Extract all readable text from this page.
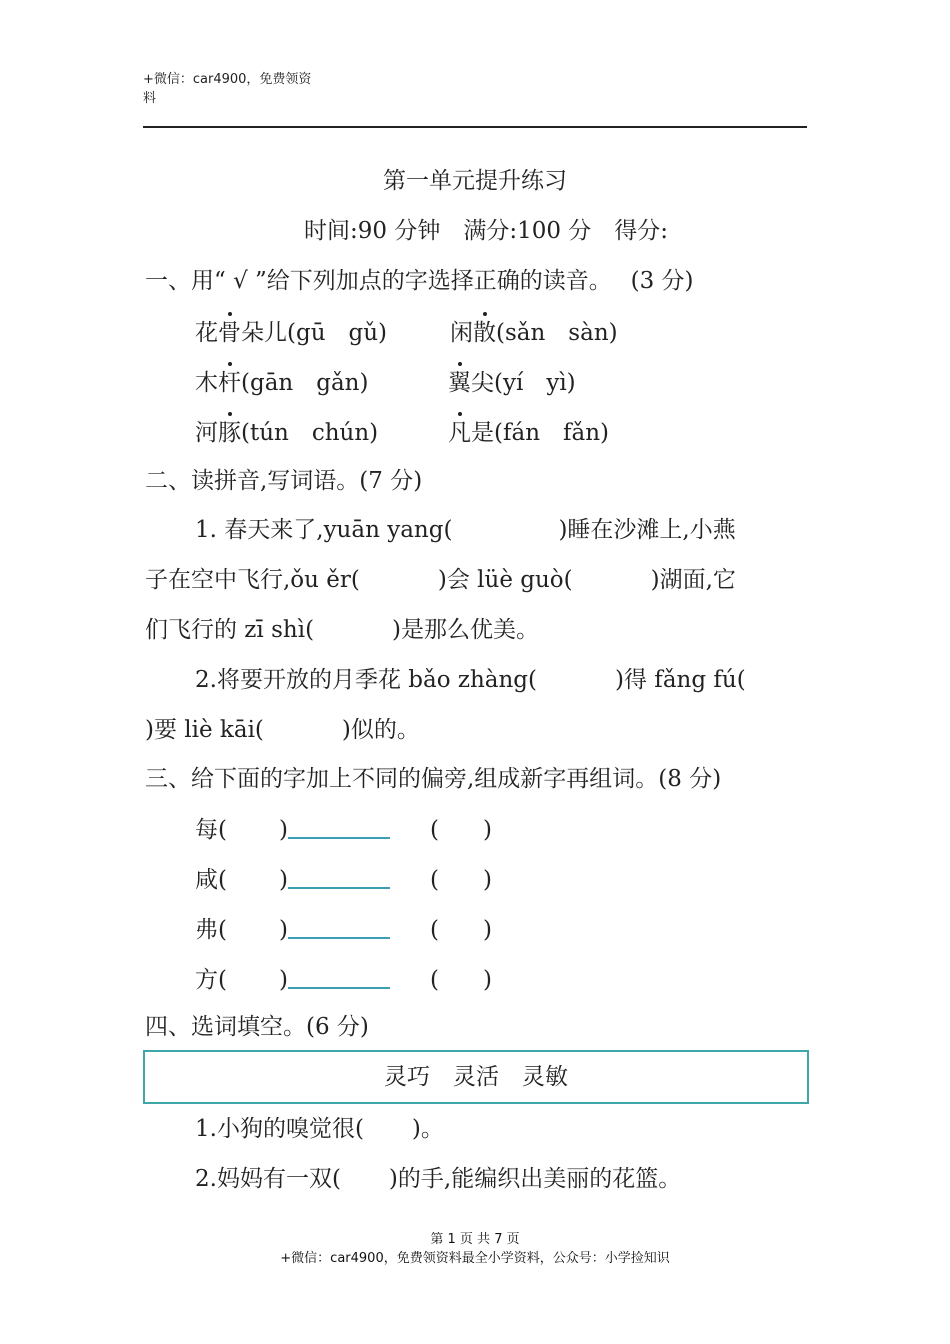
+微信：car4900，免费领资
料
第一单元提升练习
时间:90 分钟　满分:100 分　得分:
一、用“ √ ”给下列加点的字选择正确的读音。　 (3 分)
花骨朵儿(gū　gǔ)	闲散(sǎn　sàn)
木杆(gān　gǎn)	翼尖(yí　yì)
河豚(tún　chún)	凡是(fán　fǎn)
二、读拼音,写词语。(7 分)
1. 春天来了,yuān yang(	)睡在沙滩上,小燕
子在空中飞行,ǒu ěr(	)会 lüè guò(	)湖面,它
们飞行的 zī shì(	)是那么优美。
2.将要开放的月季花 bǎo zhàng(	)得 fǎng fú(
)要 liè kāi(	)似的。
三、给下面的字加上不同的偏旁,组成新字再组词。(8 分)
每( )	( )
咸( )	( )
弗( )	( )
方( )	( )
四、选词填空。(6 分)
灵巧　灵活　灵敏
1.小狗的嗅觉很( )。
2.妈妈有一双( )的手,能编织出美丽的花篮。
第 1 页 共 7 页
+微信：car4900，免费领资料最全小学资料，公众号：小学捡知识
